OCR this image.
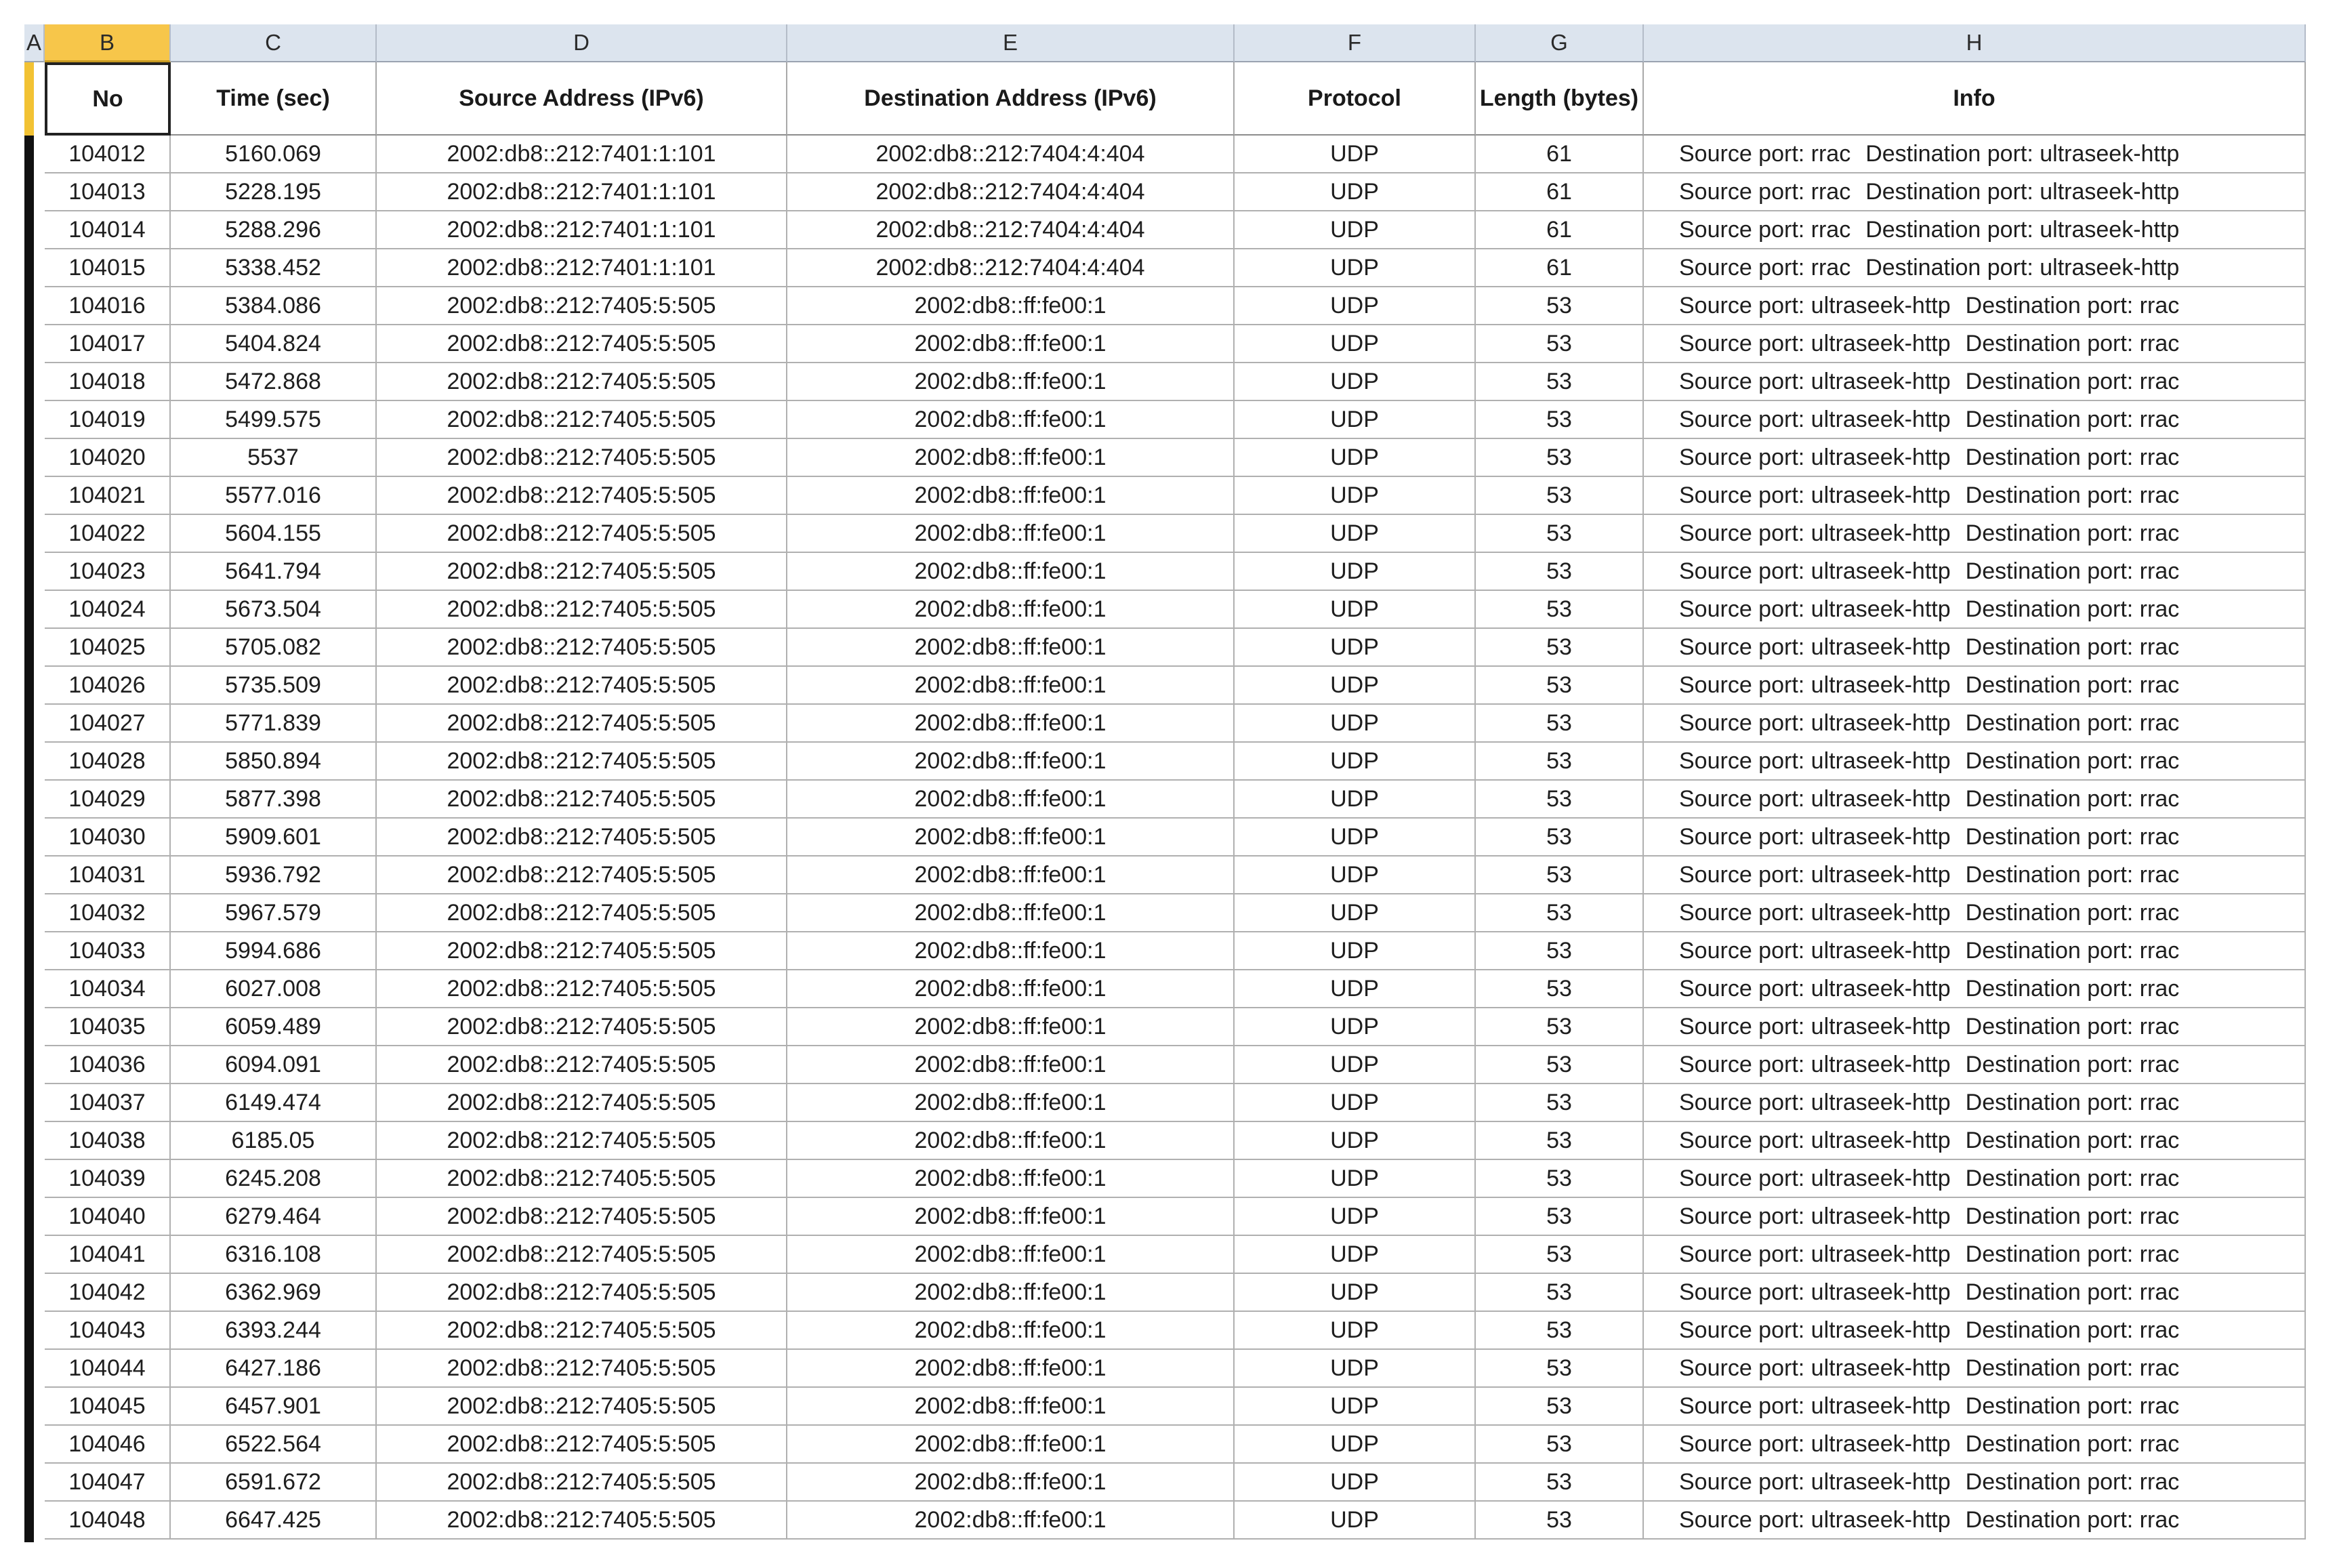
A	B	C	D	E	F	G	H
No	Time (sec)	Source Address (IPv6)	Destination Address (IPv6)	Protocol	Length (bytes)	Info
104012	5160.069	2002:db8::212:7401:1:101	2002:db8::212:7404:4:404	UDP	61	Source port: rrac Destination port: ultraseek-http
104013	5228.195	2002:db8::212:7401:1:101	2002:db8::212:7404:4:404	UDP	61	Source port: rrac Destination port: ultraseek-http
104014	5288.296	2002:db8::212:7401:1:101	2002:db8::212:7404:4:404	UDP	61	Source port: rrac Destination port: ultraseek-http
104015	5338.452	2002:db8::212:7401:1:101	2002:db8::212:7404:4:404	UDP	61	Source port: rrac Destination port: ultraseek-http
104016	5384.086	2002:db8::212:7405:5:505	2002:db8::ff:fe00:1	UDP	53	Source port: ultraseek-http Destination port: rrac
104017	5404.824	2002:db8::212:7405:5:505	2002:db8::ff:fe00:1	UDP	53	Source port: ultraseek-http Destination port: rrac
104018	5472.868	2002:db8::212:7405:5:505	2002:db8::ff:fe00:1	UDP	53	Source port: ultraseek-http Destination port: rrac
104019	5499.575	2002:db8::212:7405:5:505	2002:db8::ff:fe00:1	UDP	53	Source port: ultraseek-http Destination port: rrac
104020	5537	2002:db8::212:7405:5:505	2002:db8::ff:fe00:1	UDP	53	Source port: ultraseek-http Destination port: rrac
104021	5577.016	2002:db8::212:7405:5:505	2002:db8::ff:fe00:1	UDP	53	Source port: ultraseek-http Destination port: rrac
104022	5604.155	2002:db8::212:7405:5:505	2002:db8::ff:fe00:1	UDP	53	Source port: ultraseek-http Destination port: rrac
104023	5641.794	2002:db8::212:7405:5:505	2002:db8::ff:fe00:1	UDP	53	Source port: ultraseek-http Destination port: rrac
104024	5673.504	2002:db8::212:7405:5:505	2002:db8::ff:fe00:1	UDP	53	Source port: ultraseek-http Destination port: rrac
104025	5705.082	2002:db8::212:7405:5:505	2002:db8::ff:fe00:1	UDP	53	Source port: ultraseek-http Destination port: rrac
104026	5735.509	2002:db8::212:7405:5:505	2002:db8::ff:fe00:1	UDP	53	Source port: ultraseek-http Destination port: rrac
104027	5771.839	2002:db8::212:7405:5:505	2002:db8::ff:fe00:1	UDP	53	Source port: ultraseek-http Destination port: rrac
104028	5850.894	2002:db8::212:7405:5:505	2002:db8::ff:fe00:1	UDP	53	Source port: ultraseek-http Destination port: rrac
104029	5877.398	2002:db8::212:7405:5:505	2002:db8::ff:fe00:1	UDP	53	Source port: ultraseek-http Destination port: rrac
104030	5909.601	2002:db8::212:7405:5:505	2002:db8::ff:fe00:1	UDP	53	Source port: ultraseek-http Destination port: rrac
104031	5936.792	2002:db8::212:7405:5:505	2002:db8::ff:fe00:1	UDP	53	Source port: ultraseek-http Destination port: rrac
104032	5967.579	2002:db8::212:7405:5:505	2002:db8::ff:fe00:1	UDP	53	Source port: ultraseek-http Destination port: rrac
104033	5994.686	2002:db8::212:7405:5:505	2002:db8::ff:fe00:1	UDP	53	Source port: ultraseek-http Destination port: rrac
104034	6027.008	2002:db8::212:7405:5:505	2002:db8::ff:fe00:1	UDP	53	Source port: ultraseek-http Destination port: rrac
104035	6059.489	2002:db8::212:7405:5:505	2002:db8::ff:fe00:1	UDP	53	Source port: ultraseek-http Destination port: rrac
104036	6094.091	2002:db8::212:7405:5:505	2002:db8::ff:fe00:1	UDP	53	Source port: ultraseek-http Destination port: rrac
104037	6149.474	2002:db8::212:7405:5:505	2002:db8::ff:fe00:1	UDP	53	Source port: ultraseek-http Destination port: rrac
104038	6185.05	2002:db8::212:7405:5:505	2002:db8::ff:fe00:1	UDP	53	Source port: ultraseek-http Destination port: rrac
104039	6245.208	2002:db8::212:7405:5:505	2002:db8::ff:fe00:1	UDP	53	Source port: ultraseek-http Destination port: rrac
104040	6279.464	2002:db8::212:7405:5:505	2002:db8::ff:fe00:1	UDP	53	Source port: ultraseek-http Destination port: rrac
104041	6316.108	2002:db8::212:7405:5:505	2002:db8::ff:fe00:1	UDP	53	Source port: ultraseek-http Destination port: rrac
104042	6362.969	2002:db8::212:7405:5:505	2002:db8::ff:fe00:1	UDP	53	Source port: ultraseek-http Destination port: rrac
104043	6393.244	2002:db8::212:7405:5:505	2002:db8::ff:fe00:1	UDP	53	Source port: ultraseek-http Destination port: rrac
104044	6427.186	2002:db8::212:7405:5:505	2002:db8::ff:fe00:1	UDP	53	Source port: ultraseek-http Destination port: rrac
104045	6457.901	2002:db8::212:7405:5:505	2002:db8::ff:fe00:1	UDP	53	Source port: ultraseek-http Destination port: rrac
104046	6522.564	2002:db8::212:7405:5:505	2002:db8::ff:fe00:1	UDP	53	Source port: ultraseek-http Destination port: rrac
104047	6591.672	2002:db8::212:7405:5:505	2002:db8::ff:fe00:1	UDP	53	Source port: ultraseek-http Destination port: rrac
104048	6647.425	2002:db8::212:7405:5:505	2002:db8::ff:fe00:1	UDP	53	Source port: ultraseek-http Destination port: rrac
